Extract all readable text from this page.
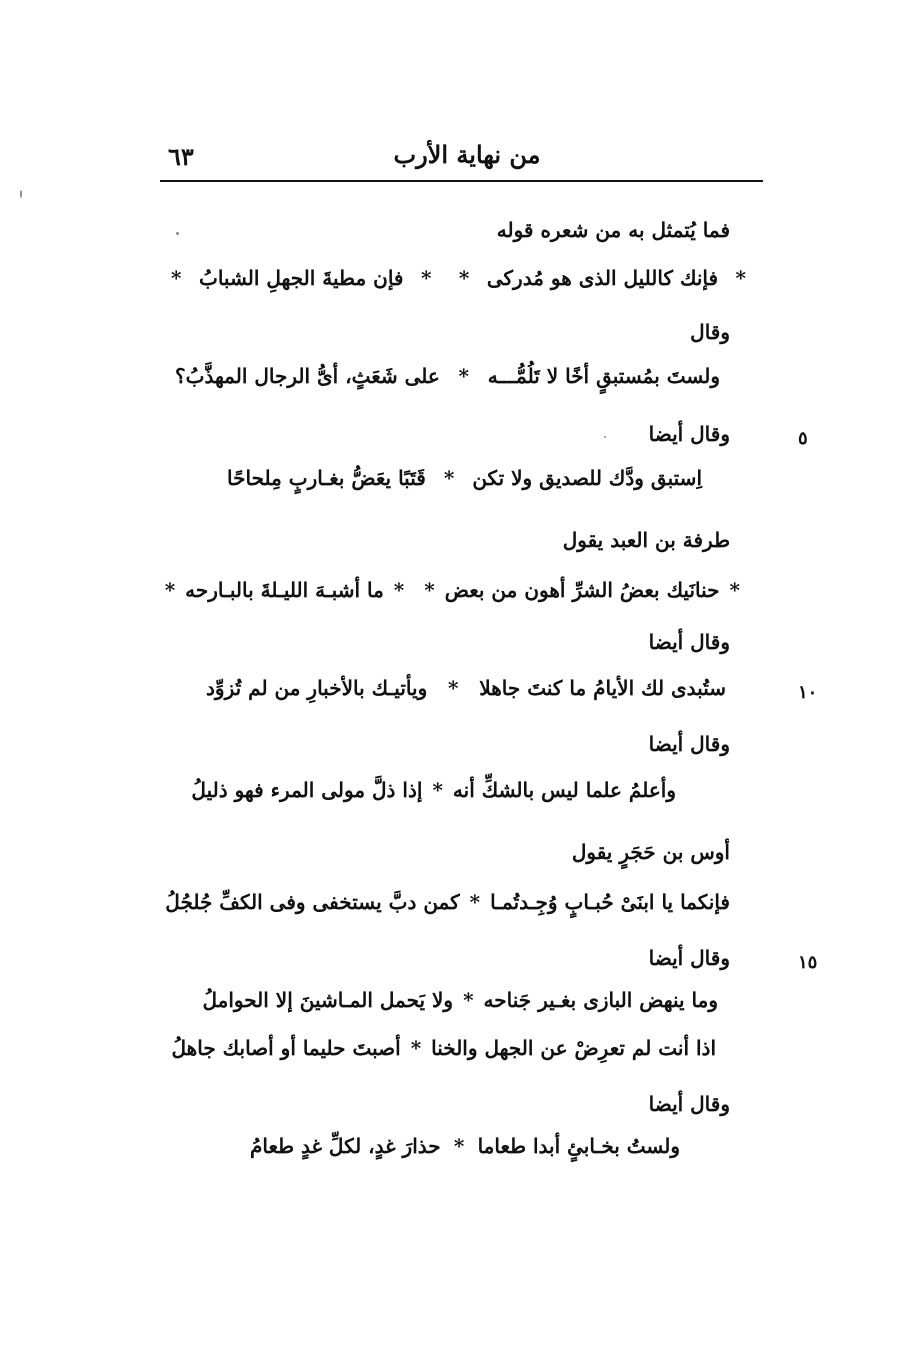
٦٣	من نهاية الأرب
فما يُتمثل به من شعره قوله
*
فإنك كالليل الذى هو مُدركى
*
*
فإن مطيةَ الجهلِ الشبابُ
*
وقال
ولستَ بمُستبقٍ أخًا لا تَلُمُّـــه
*
على شَعَثٍ، أىُّ الرجال المهذَّبُ؟
وقال أيضا	٥
اِستبق ودَّك للصديق ولا تكن
*
قَتَبًا يعَضُّ بغـاربٍ مِلحاحًا
طرفة بن العبد يقول
*
حنانَيك بعضُ الشرِّ أهون من بعض
*
*
ما أشبـهَ الليـلةَ بالبـارحه
*
وقال أيضا
ستُبدى لك الأيامُ ما كنتَ جاهلا
*
ويأتيـك بالأخبارِ من لم تُزوِّد	١٠
وقال أيضا
وأعلمُ علما ليس بالشكِّ أنه
*
إذا ذلَّ مولى المرء فهو ذليلُ
أوس بن حَجَرٍ يقول
فإنكما يا ابنَىْ حُبـابٍ وُجِـدتُمـا
*
كمن دبَّ يستخفى وفى الكفِّ جُلجُلُ
وقال أيضا	١٥
وما ينهض البازى بغـير جَناحه
*
ولا يَحمل المـاشينَ إلا الحواملُ
اذا أنت لم تعرِضْ عن الجهل والخنا
*
أصبتَ حليما أو أصابك جاهلُ
وقال أيضا
ولستُ بخـابئٍ أبدا طعاما
*
حذارَ غدٍ، لكلِّ غدٍ طعامُ
